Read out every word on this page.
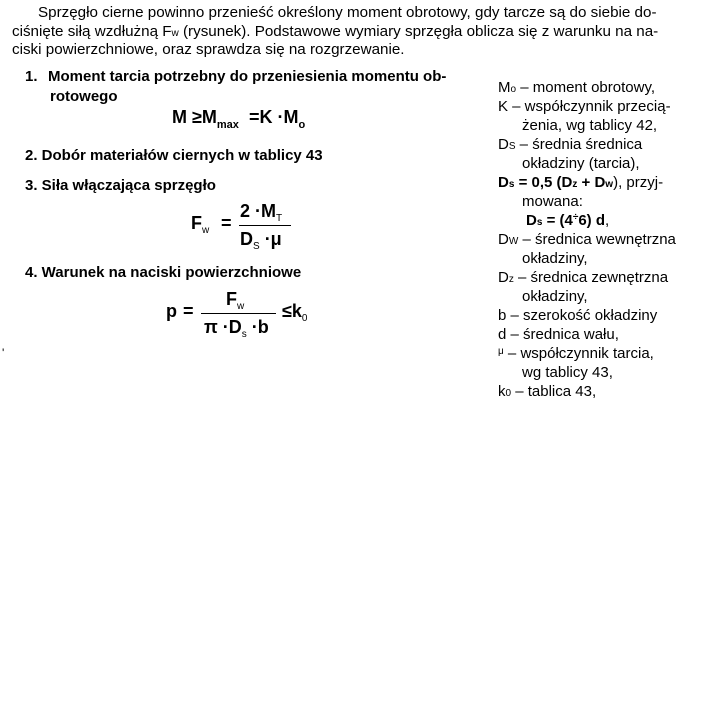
Sprzęgło cierne powinno przenieść określony moment obrotowy, gdy tarcze są do siebie do-
ciśnięte siłą wzdłużną Fw (rysunek). Podstawowe wymiary sprzęgła oblicza się z warunku na na-
ciski powierzchniowe, oraz sprawdza się na rozgrzewanie.
1. Moment tarcia potrzebny do przeniesienia momentu ob-
rotowego
$M \ge M_{max} =K \cdot M_o$
2. Dobór materiałów ciernych w tablicy 43
3. Siła włączająca sprzęgło
$F_w$ =
$2 \cdot M_T$
$D_S \cdot\mu$
4. Warunek na naciski powierzchniowe
p =
$F_w$
$\pi \cdot D_s \cdot b$
$\le k_0$
'
Mo – moment obrotowy,
K – współczynnik przecią-
żenia, wg tablicy 42,
DS – średnia średnica
okładziny (tarcia),
Ds = 0,5 (Dz + Dw), przyj-
mowana:
Ds = (4÷6) d,
DW – średnica wewnętrzna
okładziny,
Dz – średnica zewnętrzna
okładziny,
b – szerokość okładziny
d – średnica wału,
$^\mu$ – współczynnik tarcia,
wg tablicy 43,
k0 – tablica 43,
